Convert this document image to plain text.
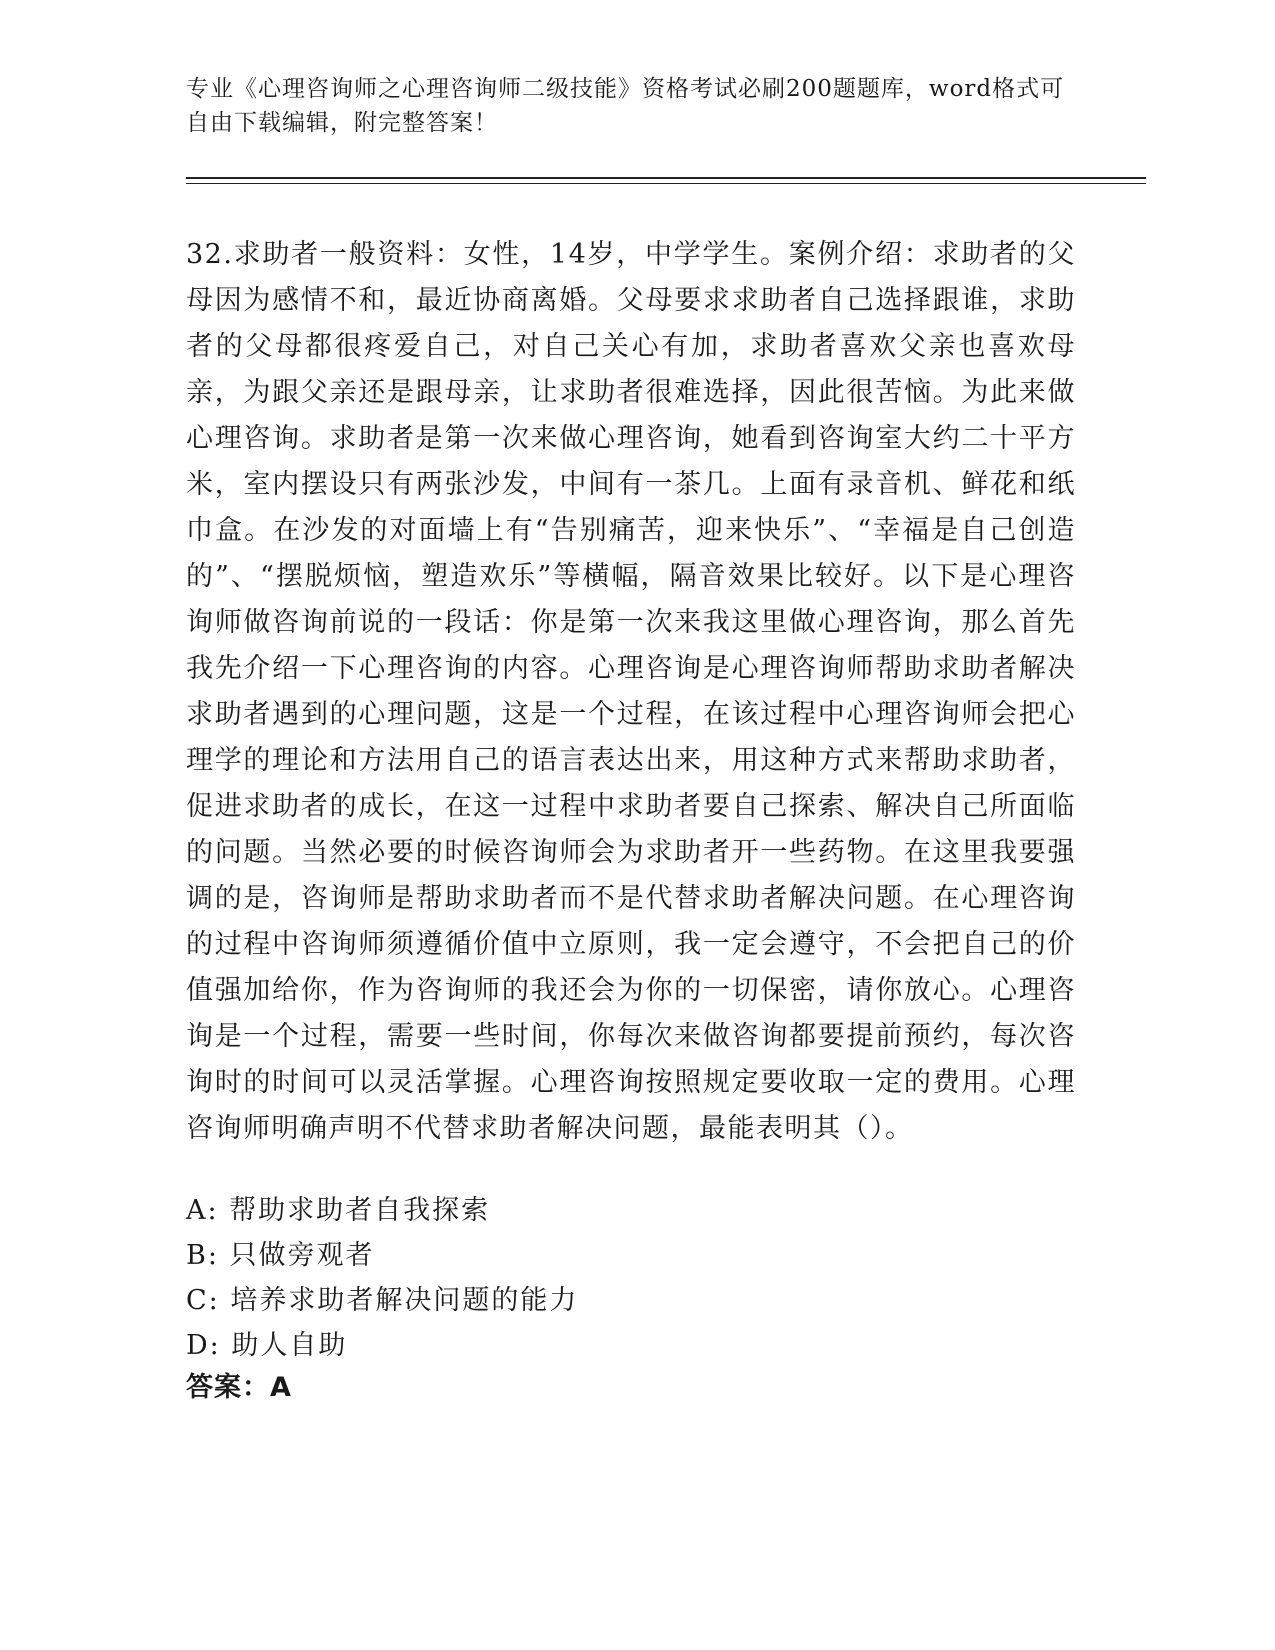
专业《心理咨询师之心理咨询师二级技能》资格考试必刷200题题库，word格式可自由下载编辑，附完整答案！
32.求助者一般资料：女性，14岁，中学学生。案例介绍：求助者的父母因为感情不和，最近协商离婚。父母要求求助者自己选择跟谁，求助者的父母都很疼爱自己，对自己关心有加，求助者喜欢父亲也喜欢母亲，为跟父亲还是跟母亲，让求助者很难选择，因此很苦恼。为此来做心理咨询。求助者是第一次来做心理咨询，她看到咨询室大约二十平方米，室内摆设只有两张沙发，中间有一茶几。上面有录音机、鲜花和纸巾盒。在沙发的对面墙上有“告别痛苦，迎来快乐”、“幸福是自己创造的”、“摆脱烦恼，塑造欢乐”等横幅，隔音效果比较好。以下是心理咨询师做咨询前说的一段话：你是第一次来我这里做心理咨询，那么首先我先介绍一下心理咨询的内容。心理咨询是心理咨询师帮助求助者解决求助者遇到的心理问题，这是一个过程，在该过程中心理咨询师会把心理学的理论和方法用自己的语言表达出来，用这种方式来帮助求助者，促进求助者的成长，在这一过程中求助者要自己探索、解决自己所面临的问题。当然必要的时候咨询师会为求助者开一些药物。在这里我要强调的是，咨询师是帮助求助者而不是代替求助者解决问题。在心理咨询的过程中咨询师须遵循价值中立原则，我一定会遵守，不会把自己的价值强加给你，作为咨询师的我还会为你的一切保密，请你放心。心理咨询是一个过程，需要一些时间，你每次来做咨询都要提前预约，每次咨询时的时间可以灵活掌握。心理咨询按照规定要收取一定的费用。心理咨询师明确声明不代替求助者解决问题，最能表明其（）。
A: 帮助求助者自我探索
B: 只做旁观者
C: 培养求助者解决问题的能力
D: 助人自助
答案：A
